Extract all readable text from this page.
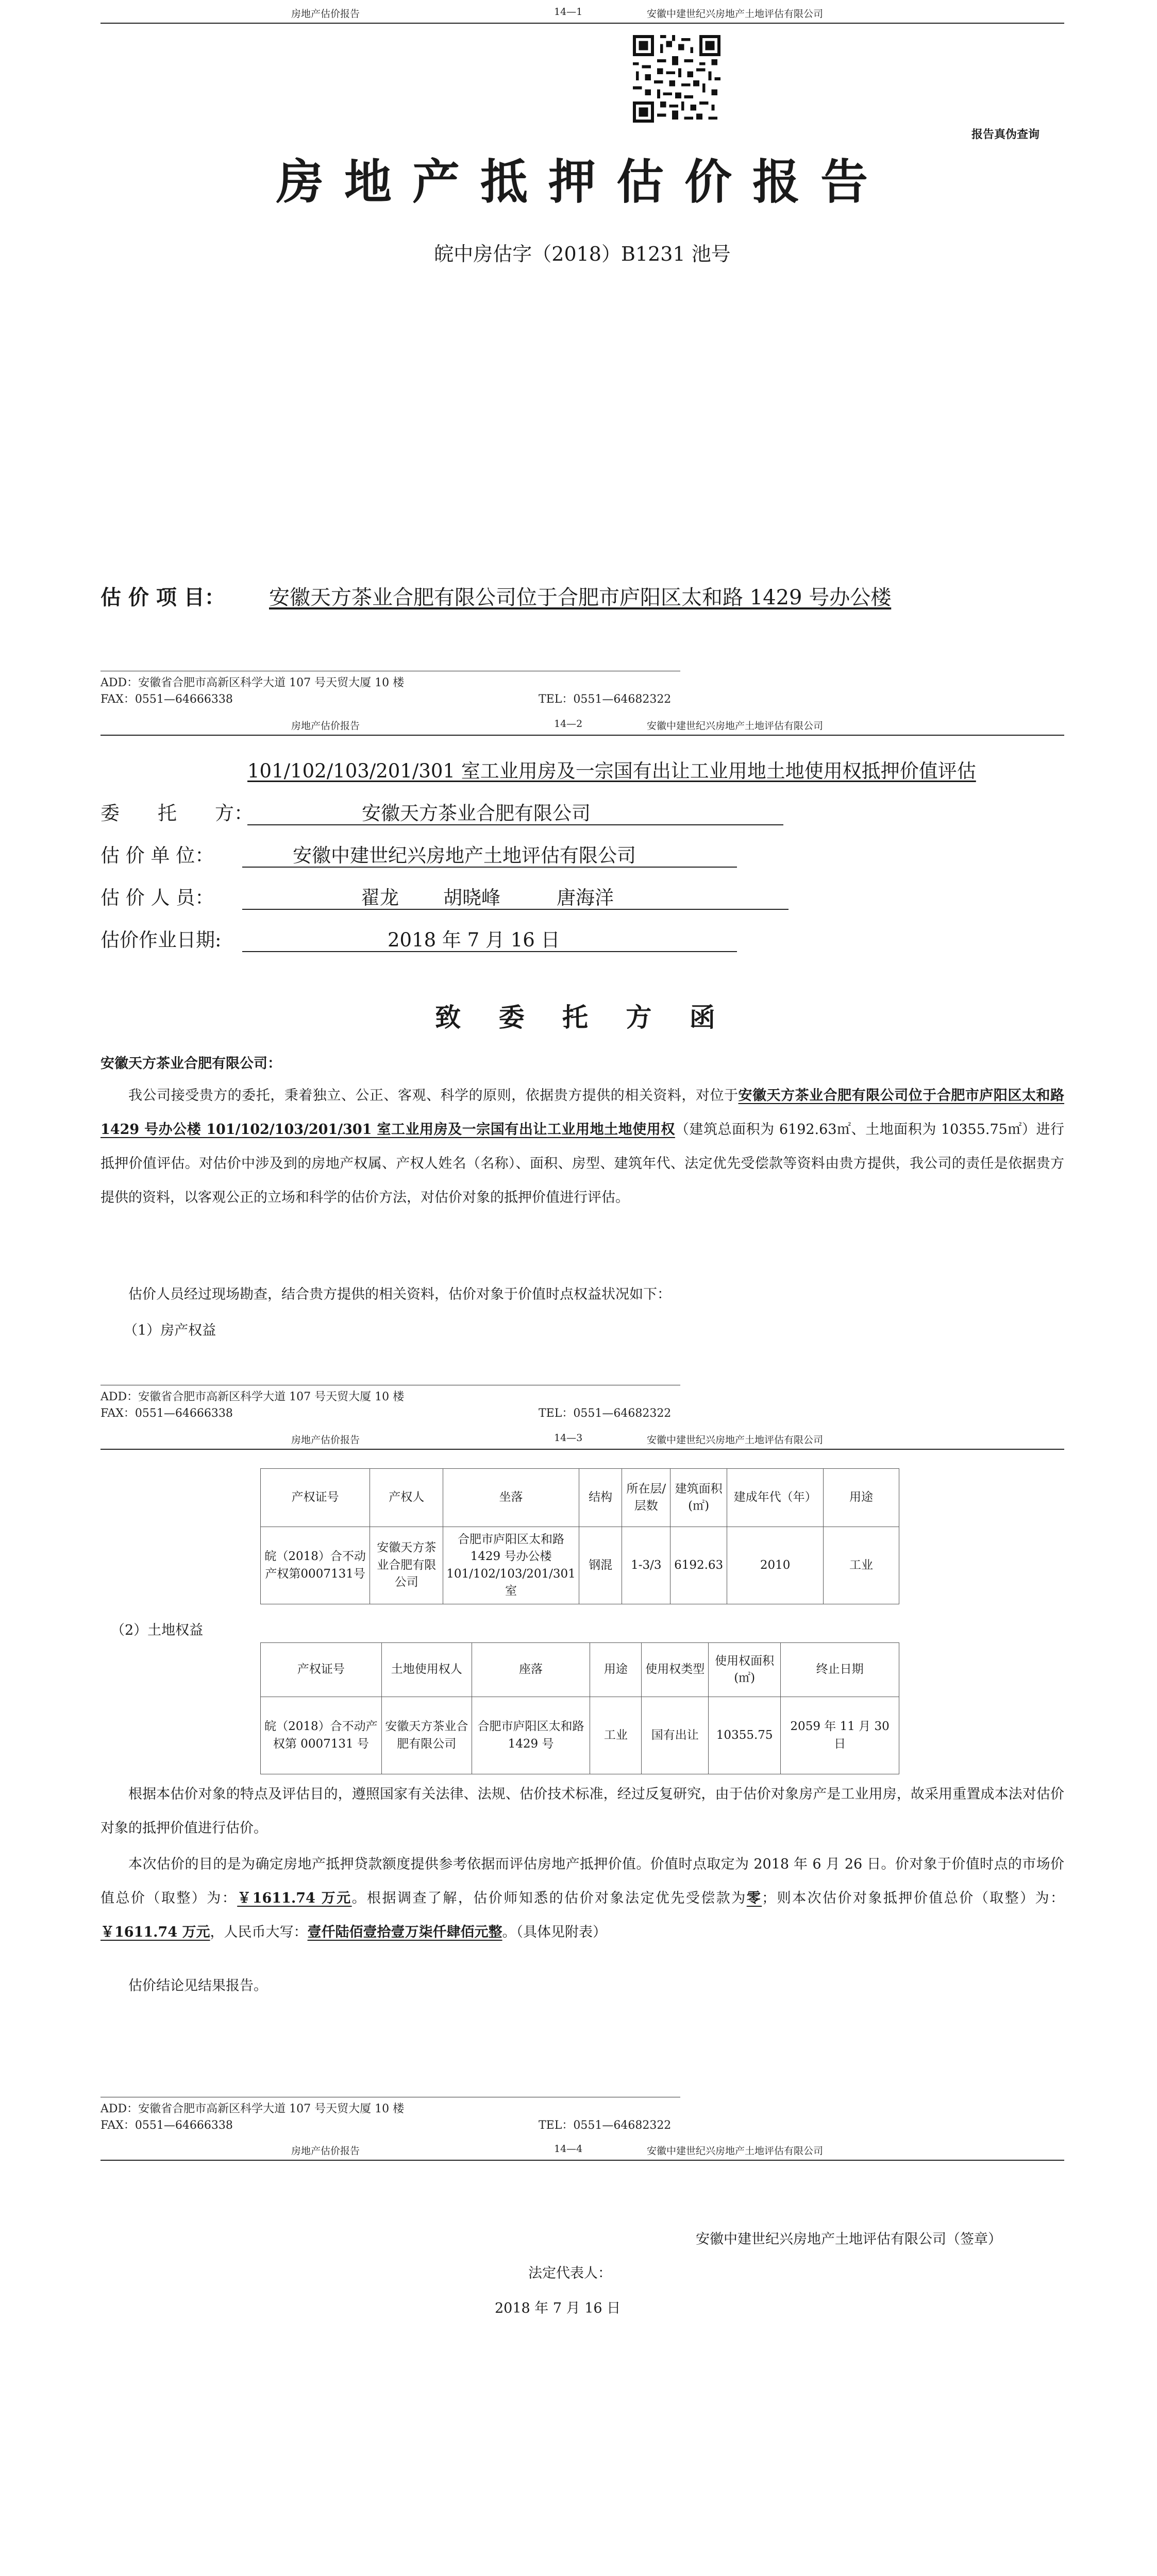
房地产估价报告	14—1	安徽中建世纪兴房地产土地评估有限公司
报告真伪查询
房地产抵押估价报告
皖中房估字（2018）B1231 池号
估 价 项 目： 安徽天方茶业合肥有限公司位于合肥市庐阳区太和路 1429 号办公楼
ADD：安徽省合肥市高新区科学大道 107 号天贸大厦 10 楼
FAX：0551—64666338	TEL：0551—64682322
房地产估价报告	14—2	安徽中建世纪兴房地产土地评估有限公司
101/102/103/201/301 室工业用房及一宗国有出让工业用地土地使用权抵押价值评估
委　　托　　方：	安徽天方茶业合肥有限公司
估 价 单 位：	安徽中建世纪兴房地产土地评估有限公司
估 价 人 员：	翟龙 胡晓峰	唐海洋
估价作业日期:	2018 年 7 月 16 日
致 委 托 方 函
安徽天方茶业合肥有限公司：
我公司接受贵方的委托，秉着独立、公正、客观、科学的原则，依据贵方提供的相关资料，对位于安徽天方茶业合肥有限公司位于合肥市庐阳区太和路 1429 号办公楼 101/102/103/201/301 室工业用房及一宗国有出让工业用地土地使用权（建筑总面积为 6192.63㎡、土地面积为 10355.75㎡）进行抵押价值评估。对估价中涉及到的房地产权属、产权人姓名（名称）、面积、房型、建筑年代、法定优先受偿款等资料由贵方提供，我公司的责任是依据贵方提供的资料，以客观公正的立场和科学的估价方法，对估价对象的抵押价值进行评估。
估价人员经过现场勘查，结合贵方提供的相关资料，估价对象于价值时点权益状况如下：
（1）房产权益
ADD：安徽省合肥市高新区科学大道 107 号天贸大厦 10 楼
FAX：0551—64666338	TEL：0551—64682322
房地产估价报告	14—3	安徽中建世纪兴房地产土地评估有限公司
产权证号	产权人	坐落	结构	所在层/层数	建筑面积(㎡)	建成年代（年）	用途
皖（2018）合不动产权第0007131号	安徽天方茶业合肥有限公司	合肥市庐阳区太和路 1429 号办公楼101/102/103/201/301 室	钢混	1-3/3	6192.63	2010	工业
（2）土地权益
产权证号	土地使用权人	座落	用途	使用权类型	使用权面积(㎡)	终止日期
皖（2018）合不动产权第 0007131 号	安徽天方茶业合肥有限公司	合肥市庐阳区太和路 1429 号	工业	国有出让	10355.75	2059 年 11 月 30 日
根据本估价对象的特点及评估目的，遵照国家有关法律、法规、估价技术标准，经过反复研究，由于估价对象房产是工业用房，故采用重置成本法对估价对象的抵押价值进行估价。
本次估价的目的是为确定房地产抵押贷款额度提供参考依据而评估房地产抵押价值。价值时点取定为 2018 年 6 月 26 日。价对象于价值时点的市场价值总价（取整）为：￥1611.74 万元。根据调查了解，估价师知悉的估价对象法定优先受偿款为零；则本次估价对象抵押价值总价（取整）为：￥1611.74 万元，人民币大写：壹仟陆佰壹拾壹万柒仟肆佰元整。（具体见附表）
估价结论见结果报告。
ADD：安徽省合肥市高新区科学大道 107 号天贸大厦 10 楼
FAX：0551—64666338	TEL：0551—64682322
房地产估价报告	14—4	安徽中建世纪兴房地产土地评估有限公司
安徽中建世纪兴房地产土地评估有限公司（签章）
法定代表人：
2018 年 7 月 16 日
